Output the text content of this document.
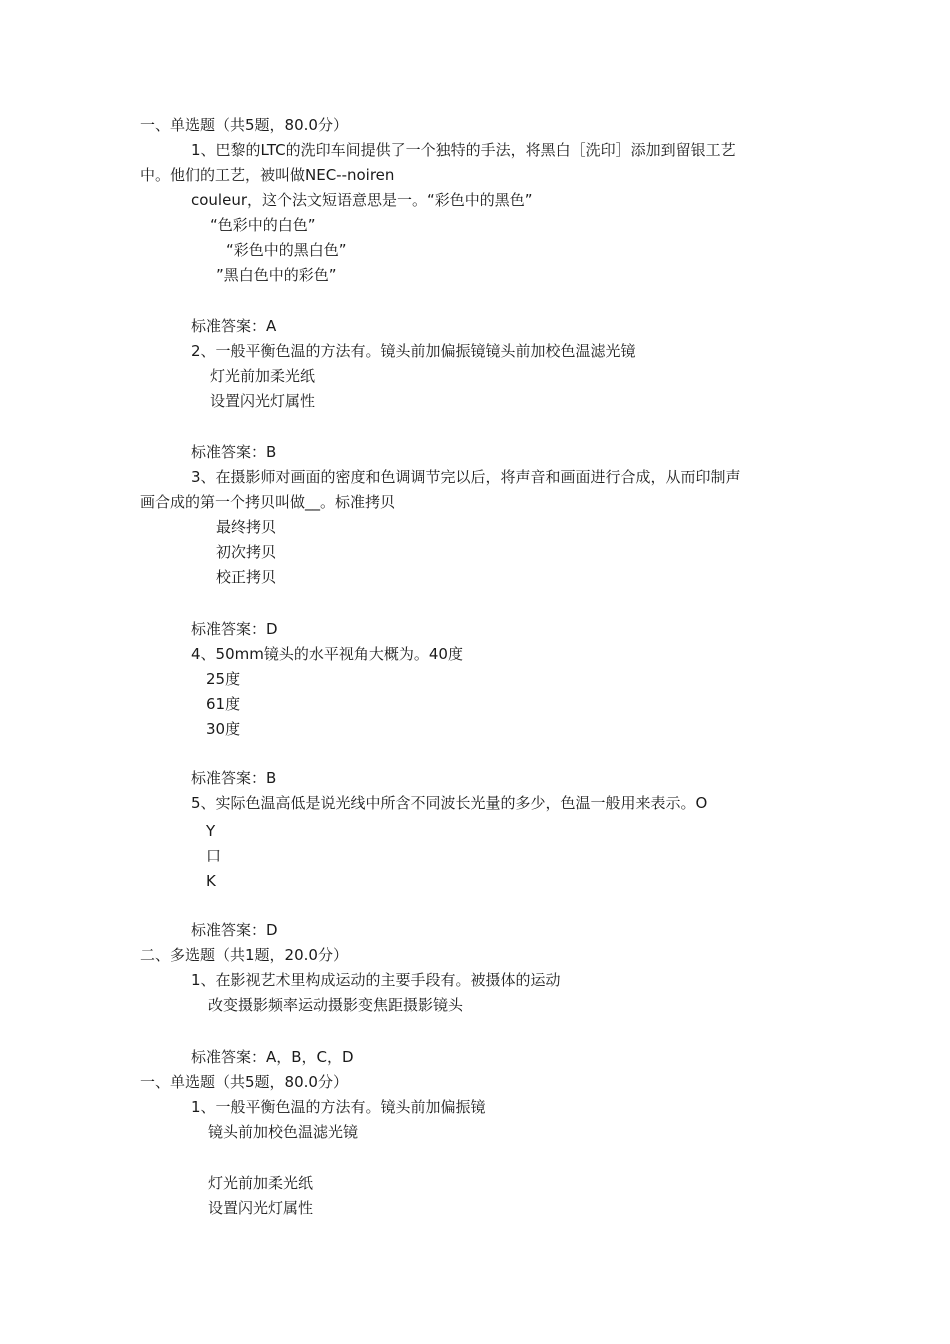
一、单选题（共5题，80.0分）
1、巴黎的LTC的洗印车间提供了一个独特的手法，将黑白［洗印］添加到留银工艺
中。他们的工艺，被叫做NEC--noiren
couleur，这个法文短语意思是一。“彩色中的黑色”
“色彩中的白色”
“彩色中的黑白色”
”黑白色中的彩色”
标准答案：A
2、一般平衡色温的方法有。镜头前加偏振镜镜头前加校色温滤光镜
灯光前加柔光纸
设置闪光灯属性
标准答案：B
3、在摄影师对画面的密度和色调调节完以后，将声音和画面进行合成，从而印制声
画合成的第一个拷贝叫做__。标准拷贝
最终拷贝
初次拷贝
校正拷贝
标准答案：D
4、50mm镜头的水平视角大概为。40度
25度
61度
30度
标准答案：B
5、实际色温高低是说光线中所含不同波长光量的多少，色温一般用来表示。O
Y
口
K
标准答案：D
二、多选题（共1题，20.0分）
1、在影视艺术里构成运动的主要手段有。被摄体的运动
改变摄影频率运动摄影变焦距摄影镜头
标准答案：A，B，C，D
一、单选题（共5题，80.0分）
1、一般平衡色温的方法有。镜头前加偏振镜
镜头前加校色温滤光镜
灯光前加柔光纸
设置闪光灯属性
